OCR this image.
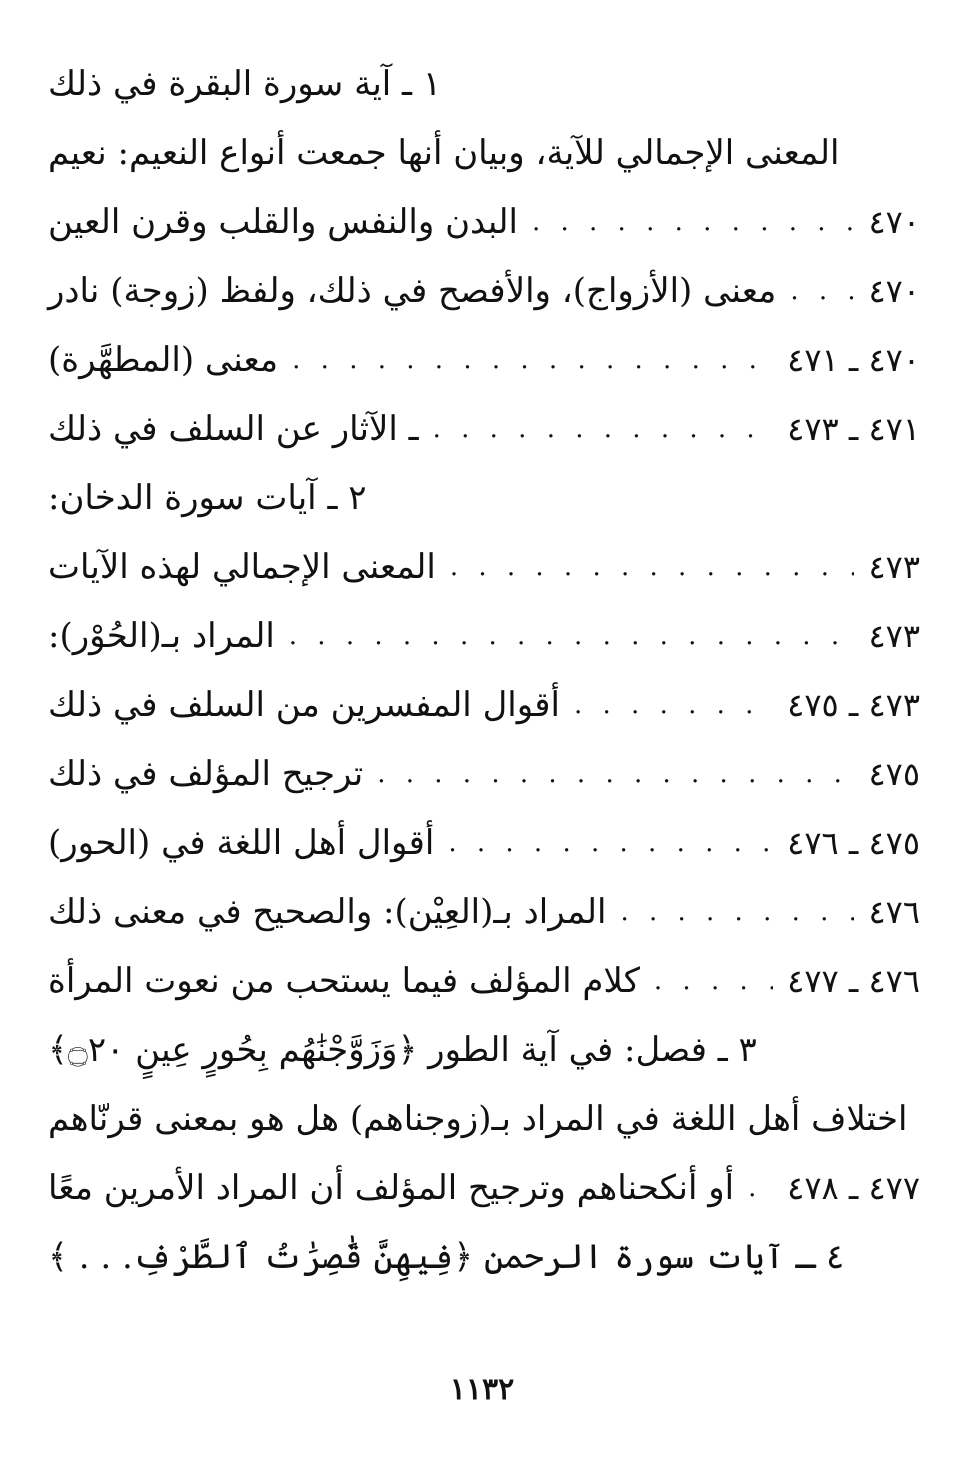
١ ـ آية سورة البقرة في ذلك
المعنى الإجمالي للآية، وبيان أنها جمعت أنواع النعيم: نعيم
البدن والنفس والقلب وقرن العين . . .	٤٧٠
معنى (الأزواج)، والأفصح في ذلك، ولفظ (زوجة) نادر . . .	٤٧٠
معنى (المطهَّرة) . . .	٤٧٠ ـ ٤٧١
ـ الآثار عن السلف في ذلك . . .	٤٧١ ـ ٤٧٣
٢ ـ آيات سورة الدخان:
المعنى الإجمالي لهذه الآيات . . .	٤٧٣
المراد بـ(الحُوْر): . . .	٤٧٣
أقوال المفسرين من السلف في ذلك . . .	٤٧٣ ـ ٤٧٥
ترجيح المؤلف في ذلك . . .	٤٧٥
أقوال أهل اللغة في (الحور) . . .	٤٧٥ ـ ٤٧٦
المراد بـ(العِيْن): والصحيح في معنى ذلك . . .	٤٧٦
كلام المؤلف فيما يستحب من نعوت المرأة . . .	٤٧٦ ـ ٤٧٧
٣ ـ فصل: في آية الطور ﴿وَزَوَّجْنَٰهُم بِحُورٍ عِينٍ ۝٢٠﴾
اختلاف أهل اللغة في المراد بـ(زوجناهم) هل هو بمعنى قرنّاهم
أو أنكحناهم وترجيح المؤلف أن المراد الأمرين معًا . . . ٤٧٧ ـ ٤٧٨
٤ ـ آيات سورة الرحمن ﴿فِيهِنَّ قَٰصِرَٰتُ ٱلطَّرْفِ. . . ﴾
١١٣٢
